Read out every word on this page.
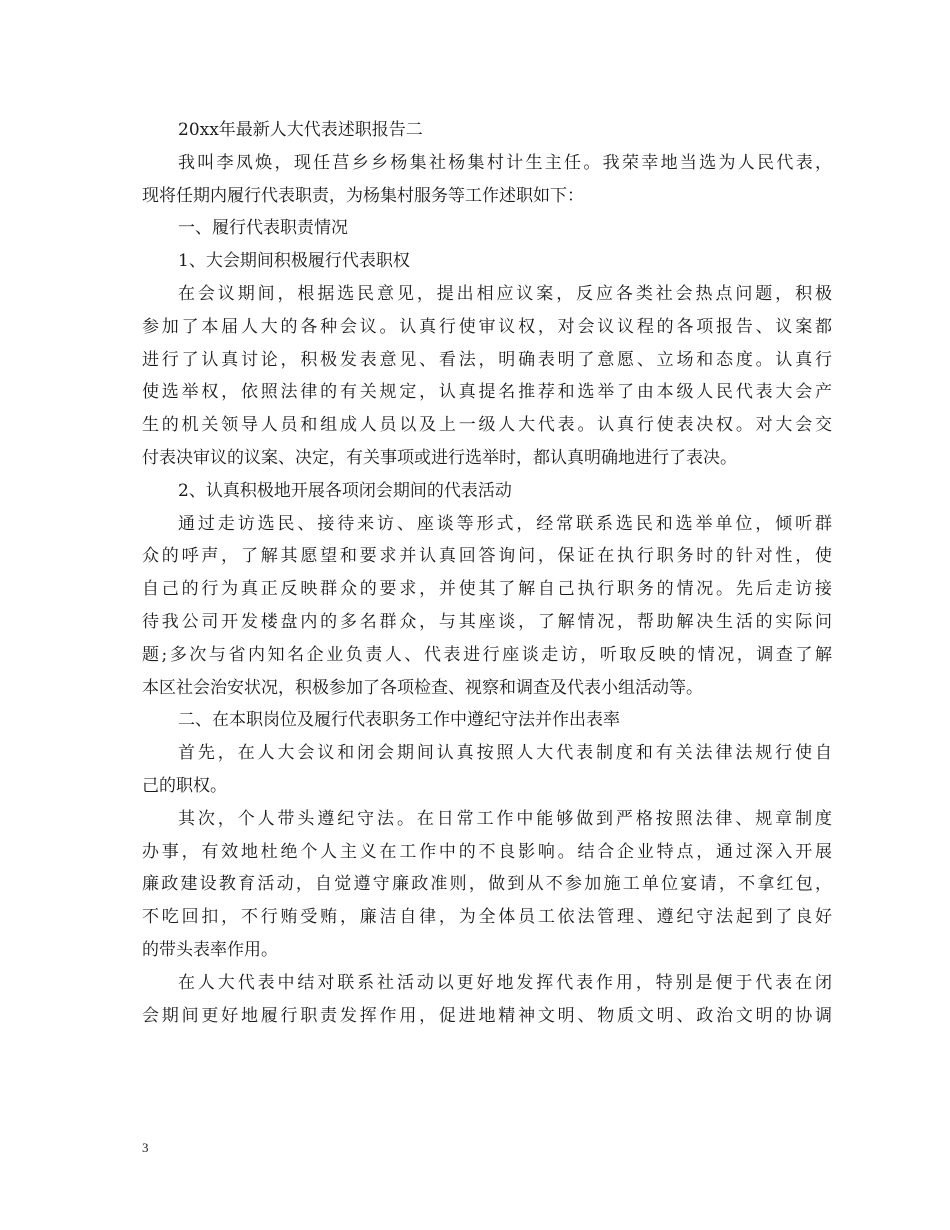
20xx年最新人大代表述职报告二
我叫李凤焕，现任莒乡乡杨集社杨集村计生主任。我荣幸地当选为人民代表，
现将任期内履行代表职责，为杨集村服务等工作述职如下：
一、履行代表职责情况
1、大会期间积极履行代表职权
在会议期间，根据选民意见，提出相应议案，反应各类社会热点问题，积极
参加了本届人大的各种会议。认真行使审议权，对会议议程的各项报告、议案都
进行了认真讨论，积极发表意见、看法，明确表明了意愿、立场和态度。认真行
使选举权，依照法律的有关规定，认真提名推荐和选举了由本级人民代表大会产
生的机关领导人员和组成人员以及上一级人大代表。认真行使表决权。对大会交
付表决审议的议案、决定，有关事项或进行选举时，都认真明确地进行了表决。
2、认真积极地开展各项闭会期间的代表活动
通过走访选民、接待来访、座谈等形式，经常联系选民和选举单位，倾听群
众的呼声，了解其愿望和要求并认真回答询问，保证在执行职务时的针对性，使
自己的行为真正反映群众的要求，并使其了解自己执行职务的情况。先后走访接
待我公司开发楼盘内的多名群众，与其座谈，了解情况，帮助解决生活的实际问
题;多次与省内知名企业负责人、代表进行座谈走访，听取反映的情况，调查了解
本区社会治安状况，积极参加了各项检查、视察和调查及代表小组活动等。
二、在本职岗位及履行代表职务工作中遵纪守法并作出表率
首先，在人大会议和闭会期间认真按照人大代表制度和有关法律法规行使自
己的职权。
其次，个人带头遵纪守法。在日常工作中能够做到严格按照法律、规章制度
办事，有效地杜绝个人主义在工作中的不良影响。结合企业特点，通过深入开展
廉政建设教育活动，自觉遵守廉政准则，做到从不参加施工单位宴请，不拿红包，
不吃回扣，不行贿受贿，廉洁自律，为全体员工依法管理、遵纪守法起到了良好
的带头表率作用。
在人大代表中结对联系社活动以更好地发挥代表作用，特别是便于代表在闭
会期间更好地履行职责发挥作用，促进地精神文明、物质文明、政治文明的协调
3
